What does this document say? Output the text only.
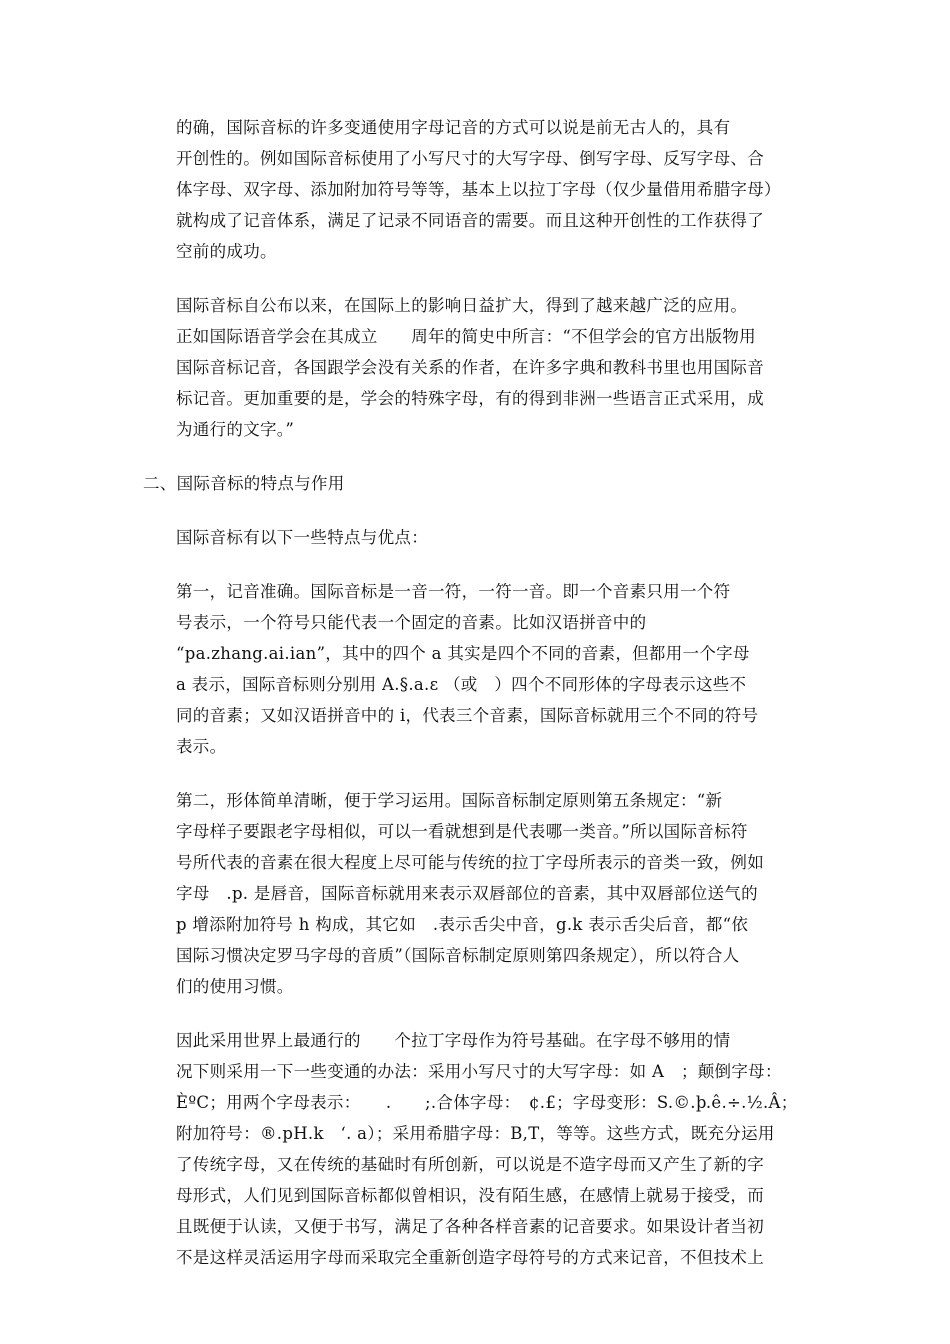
的确，国际音标的许多变通使用字母记音的方式可以说是前无古人的，具有
开创性的。例如国际音标使用了小写尺寸的大写字母、倒写字母、反写字母、合
体字母、双字母、添加附加符号等等，基本上以拉丁字母（仅少量借用希腊字母）
就构成了记音体系，满足了记录不同语音的需要。而且这种开创性的工作获得了
空前的成功。

国际音标自公布以来，在国际上的影响日益扩大，得到了越来越广泛的应用。
正如国际语音学会在其成立　　周年的简史中所言：“不但学会的官方出版物用
国际音标记音，各国跟学会没有关系的作者，在许多字典和教科书里也用国际音
标记音。更加重要的是，学会的特殊字母，有的得到非洲一些语言正式采用，成
为通行的文字。”

二、国际音标的特点与作用

国际音标有以下一些特点与优点：

第一，记音准确。国际音标是一音一符，一符一音。即一个音素只用一个符
号表示，一个符号只能代表一个固定的音素。比如汉语拼音中的
“pa.zhang.ai.ian”，其中的四个 a 其实是四个不同的音素，但都用一个字母
a 表示，国际音标则分别用 A.§.a.ɛ （或　）四个不同形体的字母表示这些不
同的音素；又如汉语拼音中的 i，代表三个音素，国际音标就用三个不同的符号
表示。

第二，形体简单清晰，便于学习运用。国际音标制定原则第五条规定：“新
字母样子要跟老字母相似，可以一看就想到是代表哪一类音。”所以国际音标符
号所代表的音素在很大程度上尽可能与传统的拉丁字母所表示的音类一致，例如
字母　.p. 是唇音，国际音标就用来表示双唇部位的音素，其中双唇部位送气的
p 增添附加符号 h 构成，其它如　.表示舌尖中音，g.k 表示舌尖后音，都“依
国际习惯决定罗马字母的音质”（国际音标制定原则第四条规定），所以符合人
们的使用习惯。

因此采用世界上最通行的　　个拉丁字母作为符号基础。在字母不够用的情
况下则采用一下一些变通的办法：采用小写尺寸的大写字母：如 A　；颠倒字母：
ÈºC；用两个字母表示：　　.　　;.合体字母：　¢.£；字母变形：S.©.þ.ê.÷.½.Â；
附加符号：®.pH.k　‘. a）；采用希腊字母：B,T，等等。这些方式，既充分运用
了传统字母，又在传统的基础时有所创新，可以说是不造字母而又产生了新的字
母形式，人们见到国际音标都似曾相识，没有陌生感，在感情上就易于接受，而
且既便于认读，又便于书写，满足了各种各样音素的记音要求。如果设计者当初
不是这样灵活运用字母而采取完全重新创造字母符号的方式来记音，不但技术上
